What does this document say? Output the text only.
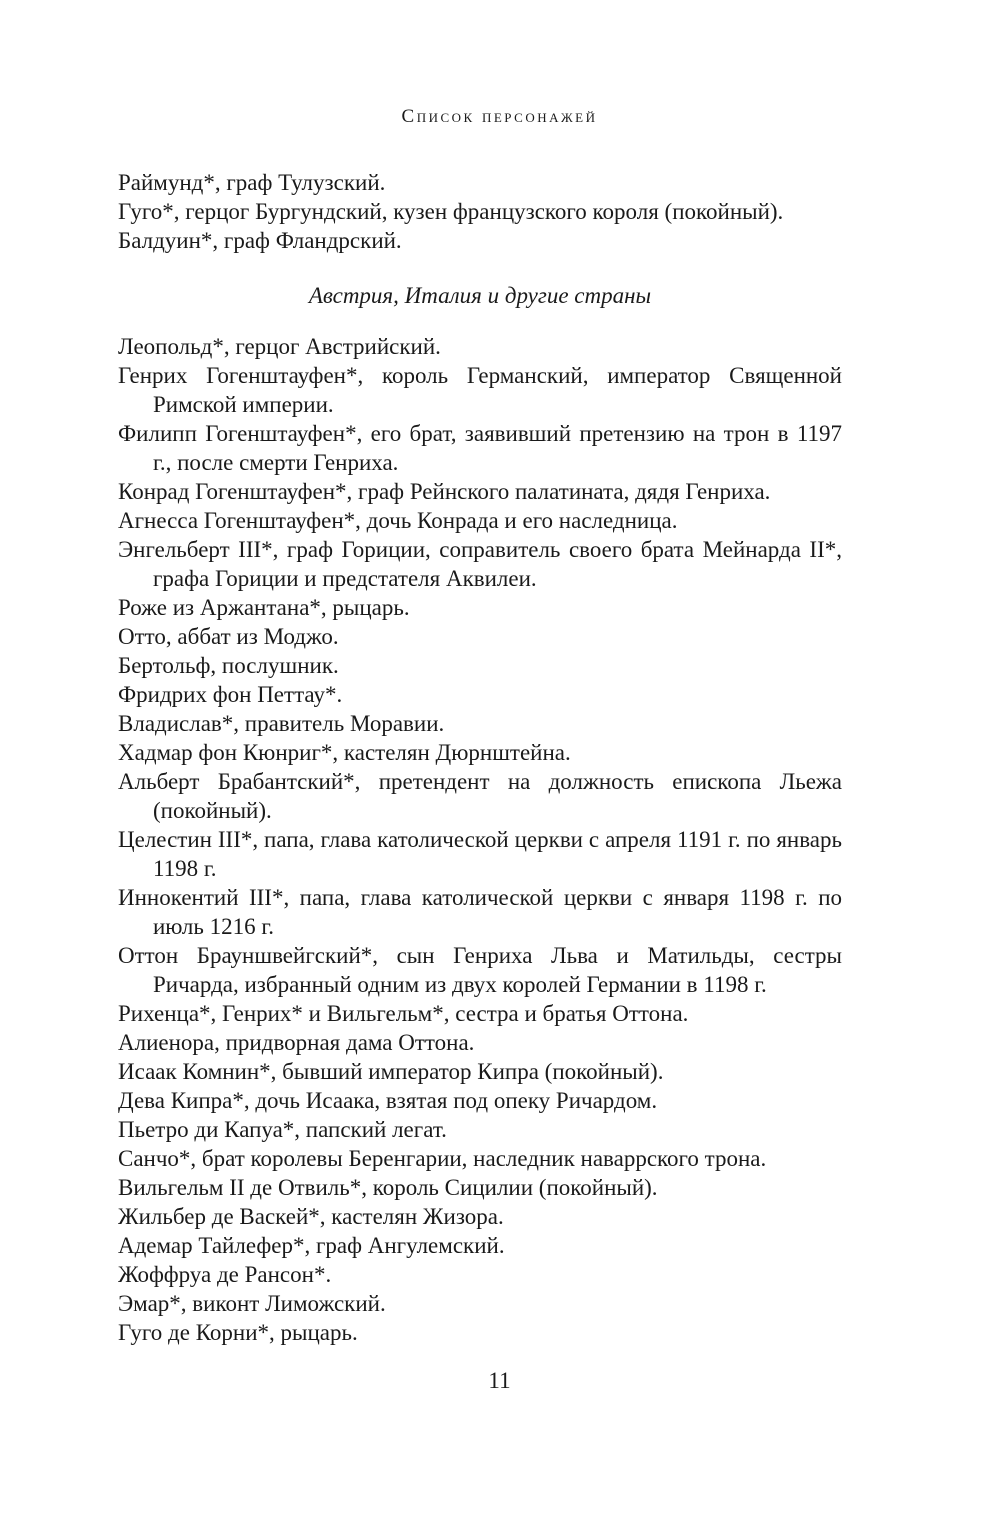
Список персонажей

Раймунд*, граф Тулузский.

Гуго*, герцог Бургундский, кузен французского короля (покойный).

Балдуин*, граф Фландрский.

Австрия, Италия и другие страны

Леопольд*, герцог Австрийский.

Генрих Гогенштауфен*, король Германский, император Священной Римской империи.

Филипп Гогенштауфен*, его брат, заявивший претензию на трон в 1197 г., после смерти Генриха.

Конрад Гогенштауфен*, граф Рейнского палатината, дядя Генриха.

Агнесса Гогенштауфен*, дочь Конрада и его наследница.

Энгельберт III*, граф Гориции, соправитель своего брата Мейнарда II*, графа Гориции и предстателя Аквилеи.

Роже из Аржантана*, рыцарь.

Отто, аббат из Моджо.

Бертольф, послушник.

Фридрих фон Петтау*.

Владислав*, правитель Моравии.

Хадмар фон Кюнриг*, кастелян Дюрнштейна.

Альберт Брабантский*, претендент на должность епископа Льежа (покойный).

Целестин III*, папа, глава католической церкви с апреля 1191 г. по январь 1198 г.

Иннокентий III*, папа, глава католической церкви с января 1198 г. по июль 1216 г.

Оттон Брауншвейгский*, сын Генриха Льва и Матильды, сестры Ричарда, избранный одним из двух королей Германии в 1198 г.

Рихенца*, Генрих* и Вильгельм*, сестра и братья Оттона.

Алиенора, придворная дама Оттона.

Исаак Комнин*, бывший император Кипра (покойный).

Дева Кипра*, дочь Исаака, взятая под опеку Ричардом.

Пьетро ди Капуа*, папский легат.

Санчо*, брат королевы Беренгарии, наследник наваррского трона.

Вильгельм II де Отвиль*, король Сицилии (покойный).

Жильбер де Васкей*, кастелян Жизора.

Адемар Тайлефер*, граф Ангулемский.

Жоффруа де Рансон*.

Эмар*, виконт Лиможский.

Гуго де Корни*, рыцарь.

11
